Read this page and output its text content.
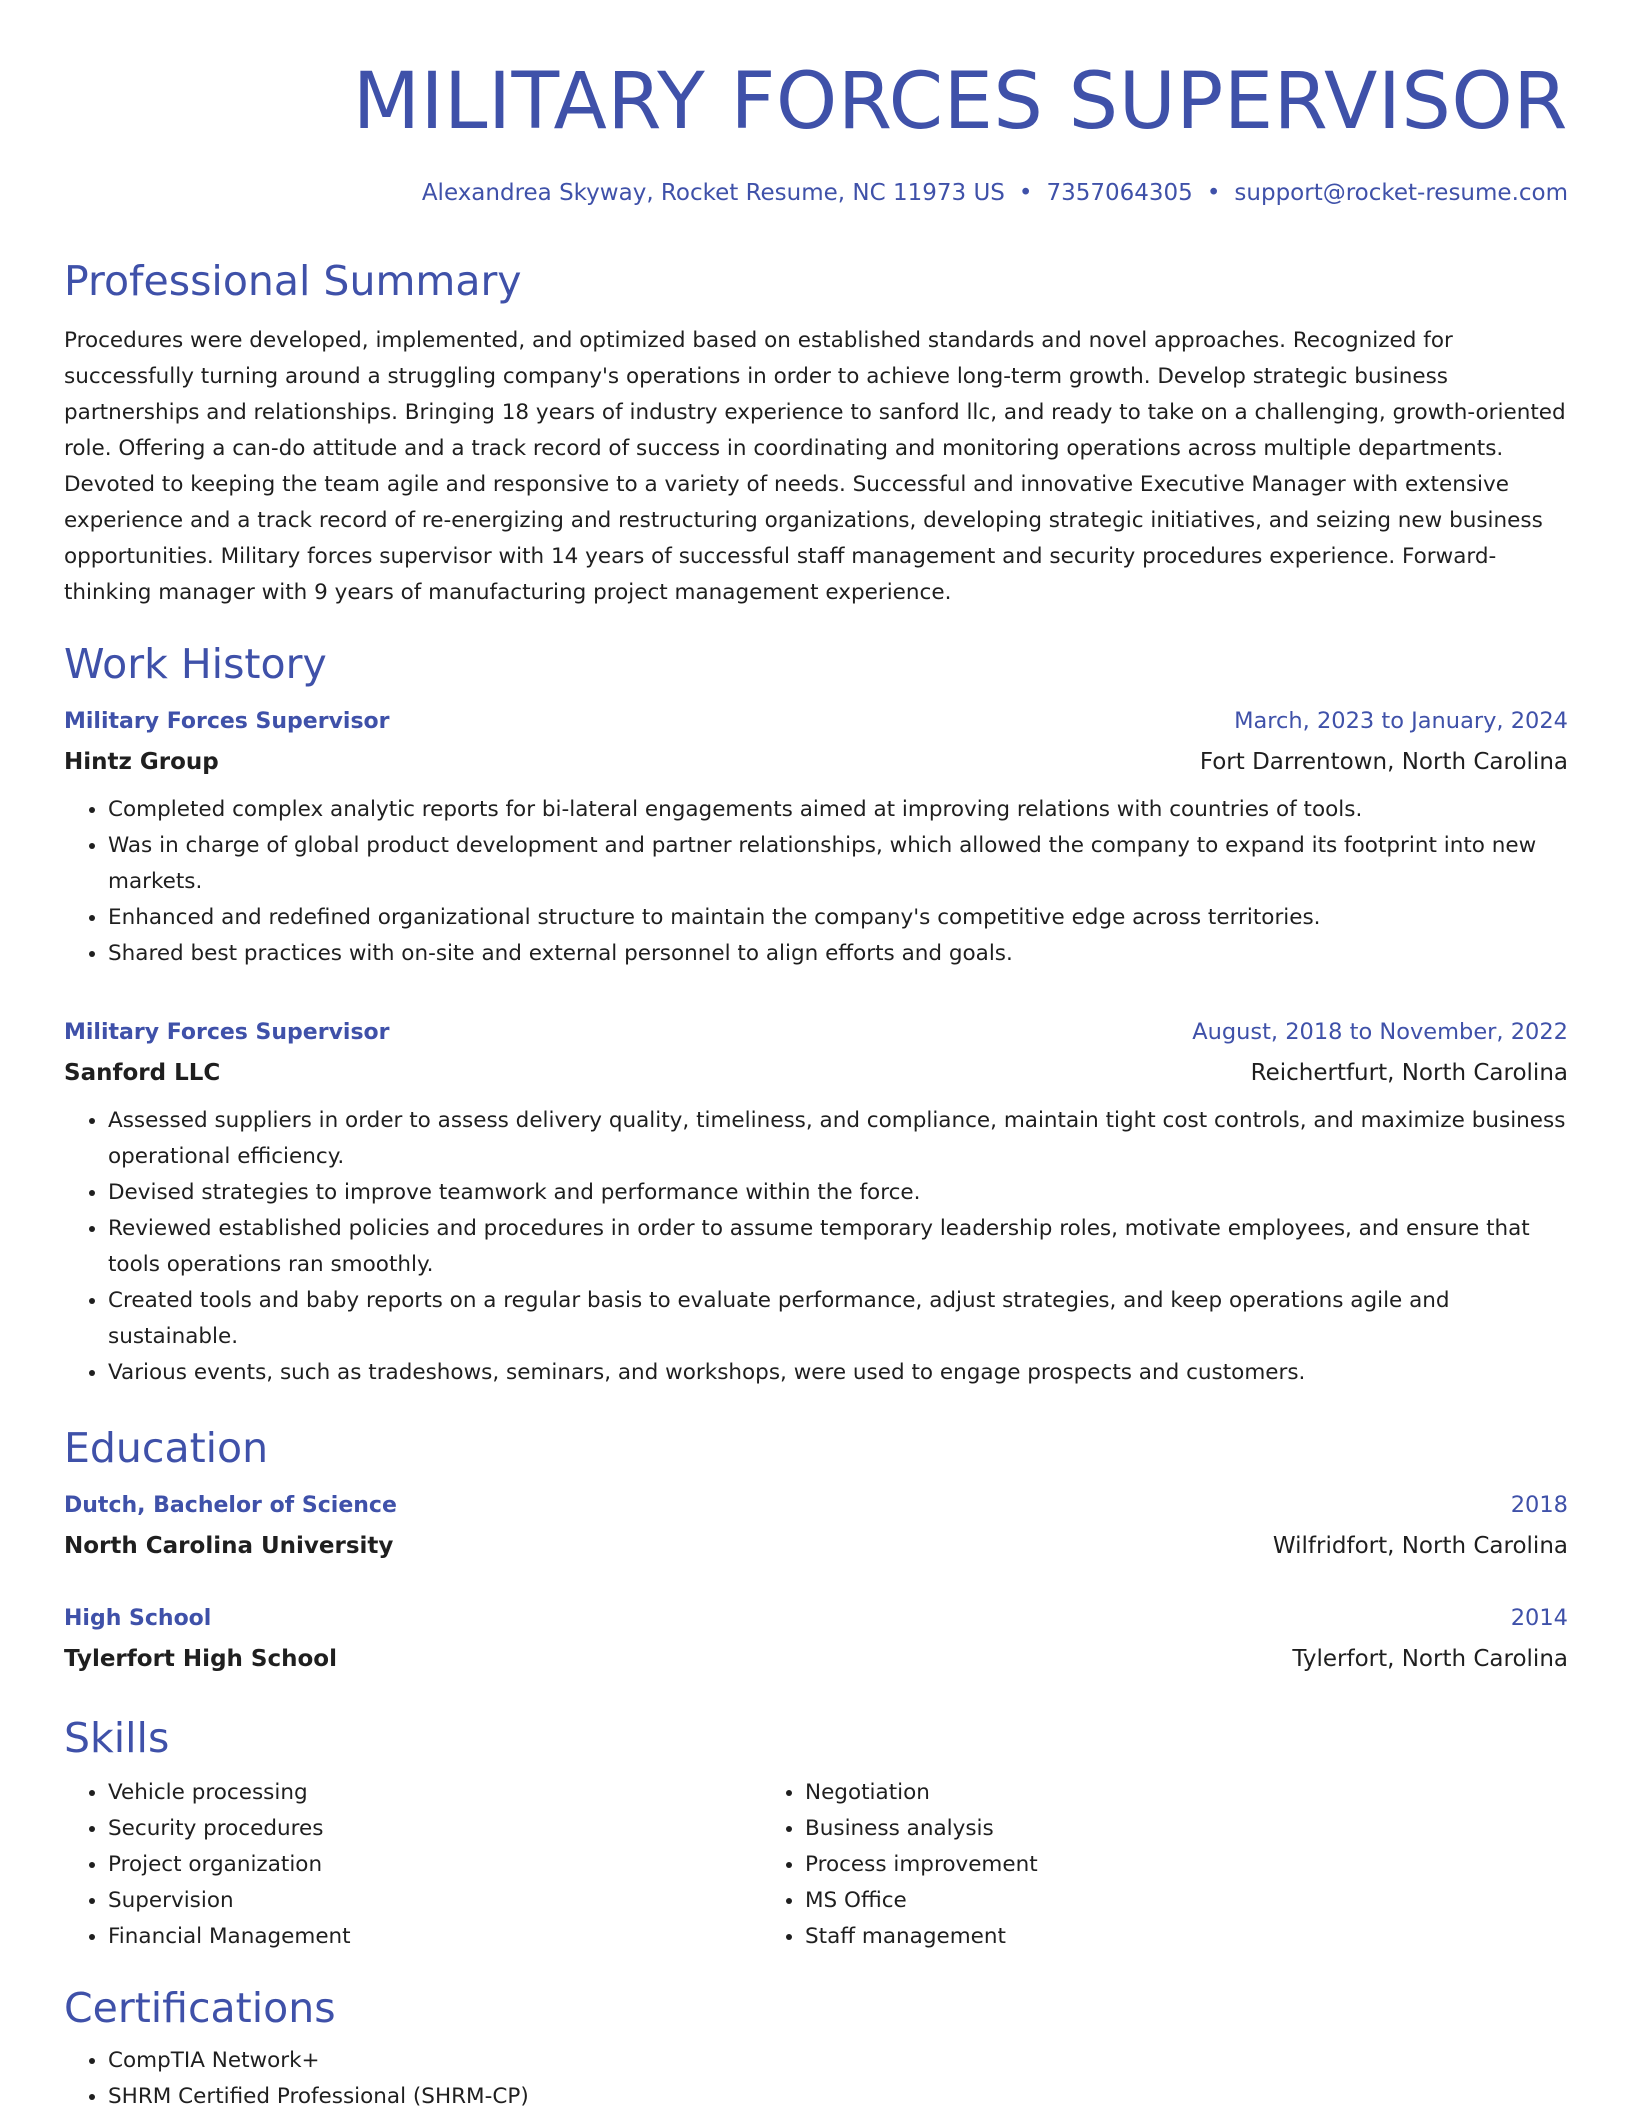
MILITARY FORCES SUPERVISOR
Alexandrea Skyway, Rocket Resume, NC 11973 US • 7357064305 • support@rocket-resume.com
Professional Summary
Procedures were developed, implemented, and optimized based on established standards and novel approaches. Recognized for successfully turning around a struggling company's operations in order to achieve long-term growth. Develop strategic business partnerships and relationships. Bringing 18 years of industry experience to sanford llc, and ready to take on a challenging, growth-oriented role. Offering a can-do attitude and a track record of success in coordinating and monitoring operations across multiple departments. Devoted to keeping the team agile and responsive to a variety of needs. Successful and innovative Executive Manager with extensive experience and a track record of re-energizing and restructuring organizations, developing strategic initiatives, and seizing new business opportunities. Military forces supervisor with 14 years of successful staff management and security procedures experience. Forward-thinking manager with 9 years of manufacturing project management experience.
Work History
Military Forces Supervisor	March, 2023 to January, 2024
Hintz Group	Fort Darrentown, North Carolina
• Completed complex analytic reports for bi-lateral engagements aimed at improving relations with countries of tools.
• Was in charge of global product development and partner relationships, which allowed the company to expand its footprint into new markets.
• Enhanced and redefined organizational structure to maintain the company's competitive edge across territories.
• Shared best practices with on-site and external personnel to align efforts and goals.
Military Forces Supervisor	August, 2018 to November, 2022
Sanford LLC	Reichertfurt, North Carolina
• Assessed suppliers in order to assess delivery quality, timeliness, and compliance, maintain tight cost controls, and maximize business operational efficiency.
• Devised strategies to improve teamwork and performance within the force.
• Reviewed established policies and procedures in order to assume temporary leadership roles, motivate employees, and ensure that tools operations ran smoothly.
• Created tools and baby reports on a regular basis to evaluate performance, adjust strategies, and keep operations agile and sustainable.
• Various events, such as tradeshows, seminars, and workshops, were used to engage prospects and customers.
Education
Dutch, Bachelor of Science	2018
North Carolina University	Wilfridfort, North Carolina
High School	2014
Tylerfort High School	Tylerfort, North Carolina
Skills
• Vehicle processing
• Security procedures
• Project organization
• Supervision
• Financial Management
• Negotiation
• Business analysis
• Process improvement
• MS Office
• Staff management
Certifications
• CompTIA Network+
• SHRM Certified Professional (SHRM-CP)
